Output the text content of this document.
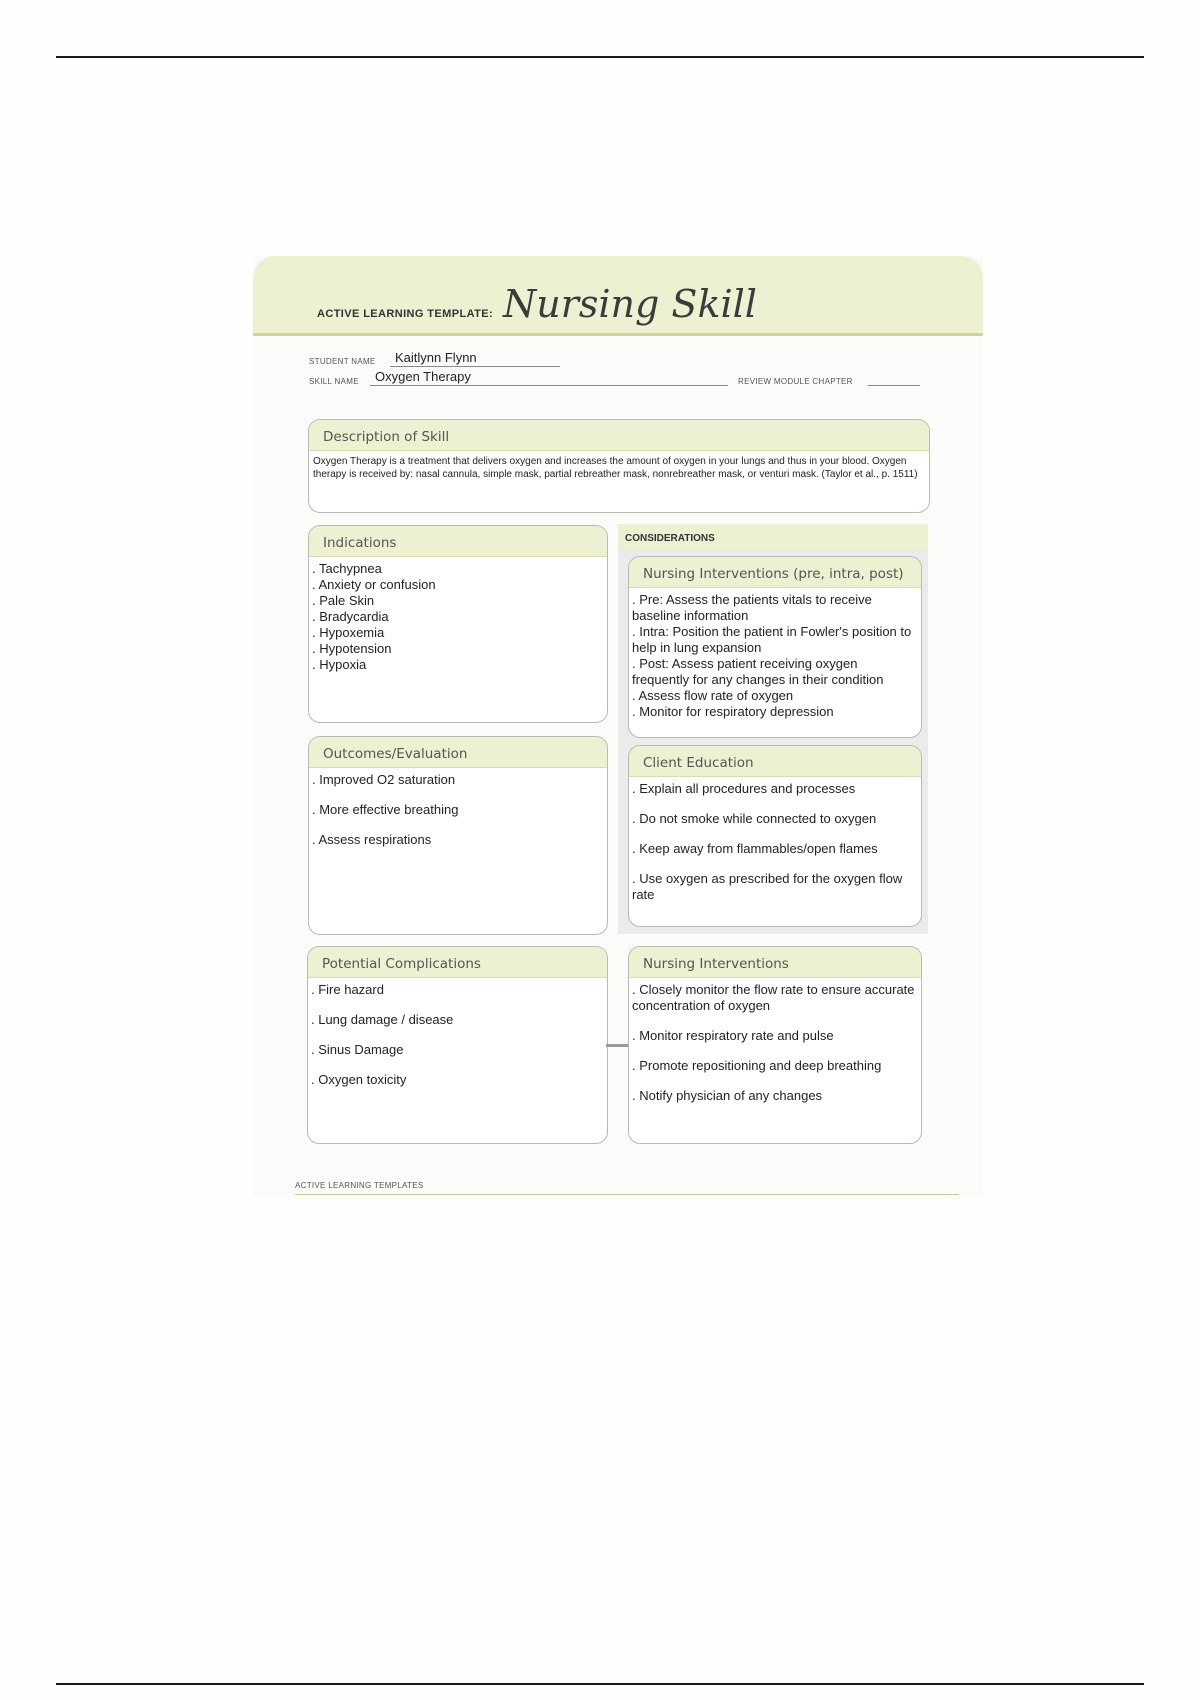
ACTIVE LEARNING TEMPLATE: Nursing Skill
STUDENT NAME Kaitlynn Flynn
SKILL NAME Oxygen Therapy	REVIEW MODULE CHAPTER
Description of Skill
Oxygen Therapy is a treatment that delivers oxygen and increases the amount of oxygen in your lungs and thus in your blood. Oxygen therapy is received by: nasal cannula, simple mask, partial rebreather mask, nonrebreather mask, or venturi mask. (Taylor et al., p. 1511)
Indications
. Tachypnea
. Anxiety or confusion
. Pale Skin
. Bradycardia
. Hypoxemia
. Hypotension
. Hypoxia
CONSIDERATIONS
Nursing Interventions (pre, intra, post)
. Pre: Assess the patients vitals to receive baseline information
. Intra: Position the patient in Fowler's position to help in lung expansion
. Post: Assess patient receiving oxygen frequently for any changes in their condition
. Assess flow rate of oxygen
. Monitor for respiratory depression
Client Education
. Explain all procedures and processes
. Do not smoke while connected to oxygen
. Keep away from flammables/open flames
. Use oxygen as prescribed for the oxygen flow rate
Outcomes/Evaluation
. Improved O2 saturation
. More effective breathing
. Assess respirations
Potential Complications
. Fire hazard
. Lung damage / disease
. Sinus Damage
. Oxygen toxicity
Nursing Interventions
. Closely monitor the flow rate to ensure accurate concentration of oxygen
. Monitor respiratory rate and pulse
. Promote repositioning and deep breathing
. Notify physician of any changes
ACTIVE LEARNING TEMPLATES
